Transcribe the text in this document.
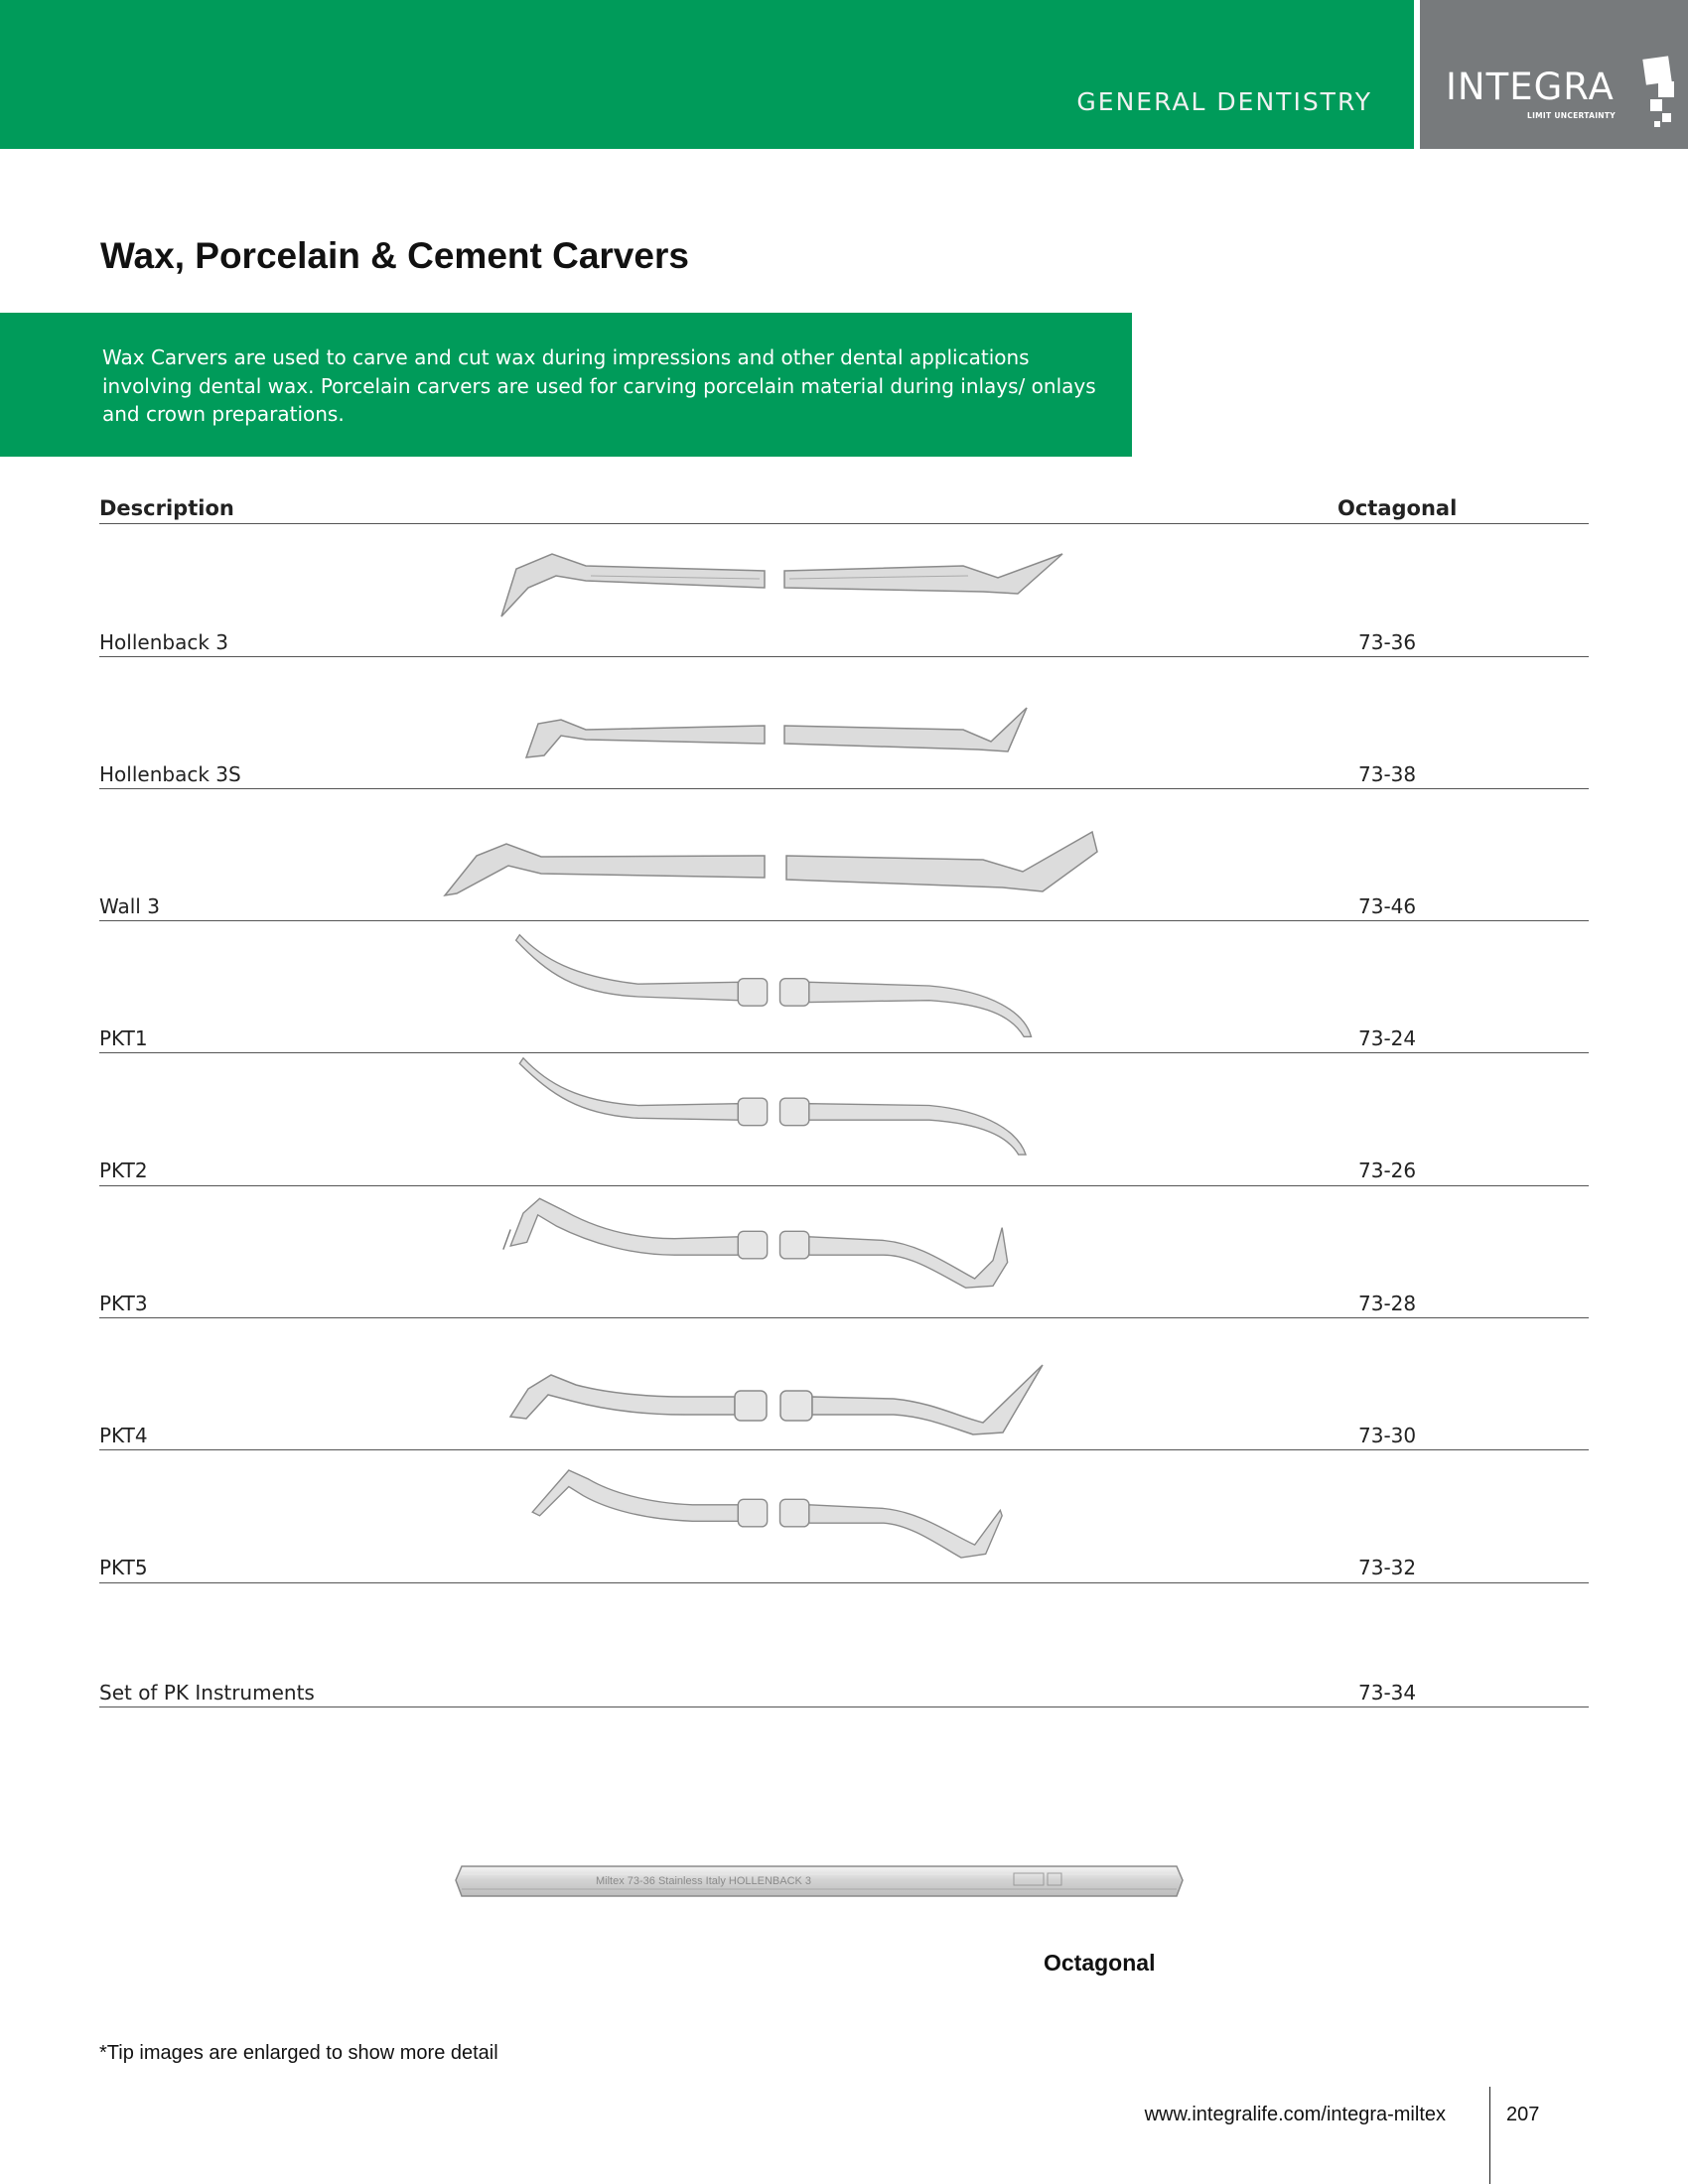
GENERAL DENTISTRY INTEGRA
LIMIT UNCERTAINTY
Wax, Porcelain & Cement Carvers
Wax Carvers are used to carve and cut wax during impressions and other dental applications involving dental wax. Porcelain carvers are used for carving porcelain material during inlays/ onlays and crown preparations.
Description	Octagonal
Hollenback 3	73-36
Hollenback 3S	73-38
Wall 3	73-46
PKT1	73-24
PKT2	73-26
PKT3	73-28
PKT4	73-30
PKT5	73-32
Set of PK Instruments	73-34
Miltex 73-36 Stainless Italy HOLLENBACK 3
Octagonal
*Tip images are enlarged to show more detail
www.integralife.com/integra-miltex	207
